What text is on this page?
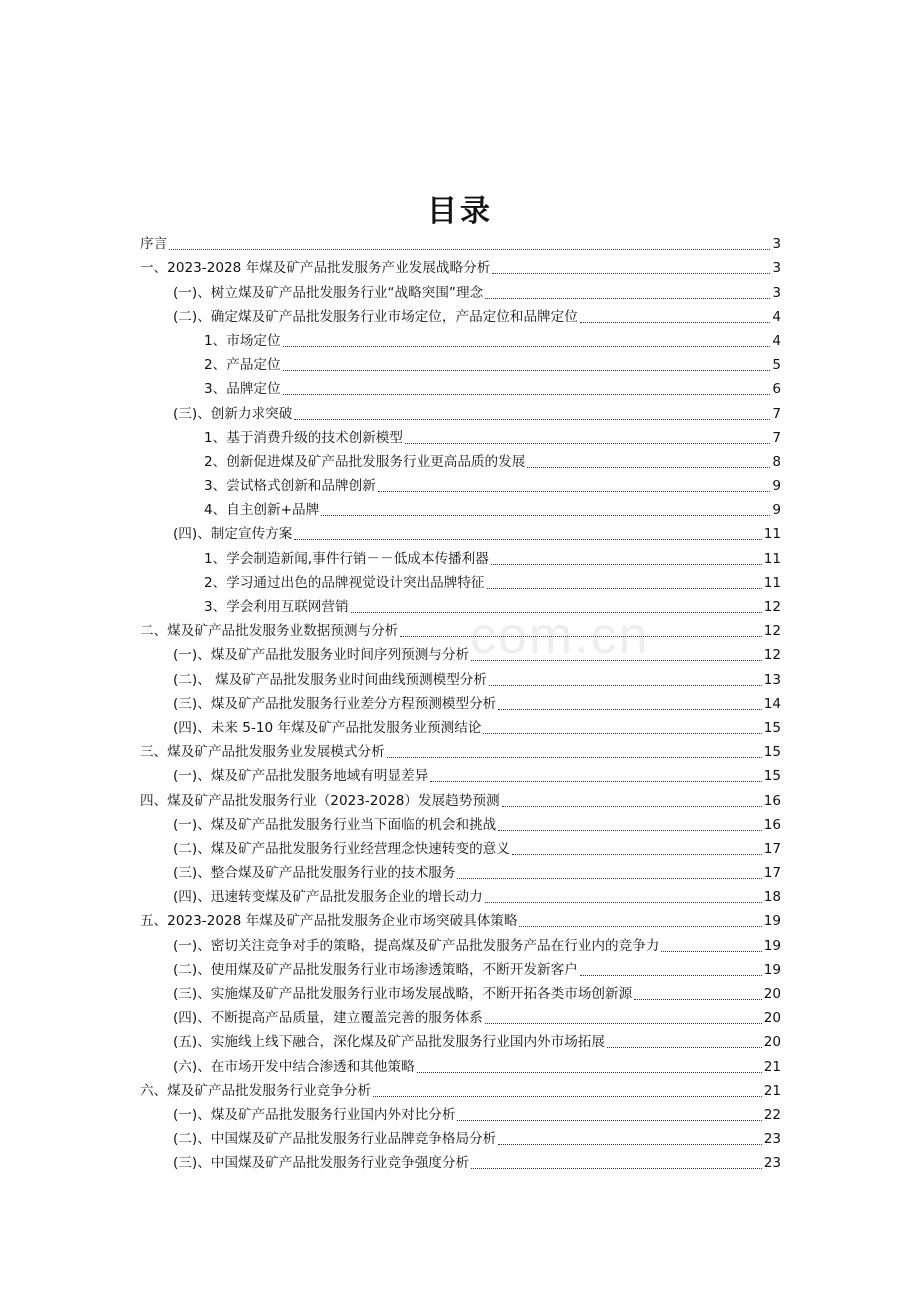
目录
com.cn
序言	3
一、2023-2028 年煤及矿产品批发服务产业发展战略分析	3
(一)、树立煤及矿产品批发服务行业“战略突围”理念	3
(二)、确定煤及矿产品批发服务行业市场定位，产品定位和品牌定位	4
1、市场定位	4
2、产品定位	5
3、品牌定位	6
(三)、创新力求突破	7
1、基于消费升级的技术创新模型	7
2、创新促进煤及矿产品批发服务行业更高品质的发展	8
3、尝试格式创新和品牌创新	9
4、自主创新+品牌	9
(四)、制定宣传方案	11
1、学会制造新闻,事件行销－－低成本传播利器	11
2、学习通过出色的品牌视觉设计突出品牌特征	11
3、学会利用互联网营销	12
二、煤及矿产品批发服务业数据预测与分析	12
(一)、煤及矿产品批发服务业时间序列预测与分析	12
(二)、 煤及矿产品批发服务业时间曲线预测模型分析	13
(三)、煤及矿产品批发服务行业差分方程预测模型分析	14
(四)、未来 5-10 年煤及矿产品批发服务业预测结论	15
三、煤及矿产品批发服务业发展模式分析	15
(一)、煤及矿产品批发服务地域有明显差异	15
四、煤及矿产品批发服务行业（2023-2028）发展趋势预测	16
(一)、煤及矿产品批发服务行业当下面临的机会和挑战	16
(二)、煤及矿产品批发服务行业经营理念快速转变的意义	17
(三)、整合煤及矿产品批发服务行业的技术服务	17
(四)、迅速转变煤及矿产品批发服务企业的增长动力	18
五、2023-2028 年煤及矿产品批发服务企业市场突破具体策略	19
(一)、密切关注竞争对手的策略，提高煤及矿产品批发服务产品在行业内的竞争力	19
(二)、使用煤及矿产品批发服务行业市场渗透策略，不断开发新客户	19
(三)、实施煤及矿产品批发服务行业市场发展战略，不断开拓各类市场创新源	20
(四)、不断提高产品质量，建立覆盖完善的服务体系	20
(五)、实施线上线下融合，深化煤及矿产品批发服务行业国内外市场拓展	20
(六)、在市场开发中结合渗透和其他策略	21
六、煤及矿产品批发服务行业竞争分析	21
(一)、煤及矿产品批发服务行业国内外对比分析	22
(二)、中国煤及矿产品批发服务行业品牌竞争格局分析	23
(三)、中国煤及矿产品批发服务行业竞争强度分析	23
